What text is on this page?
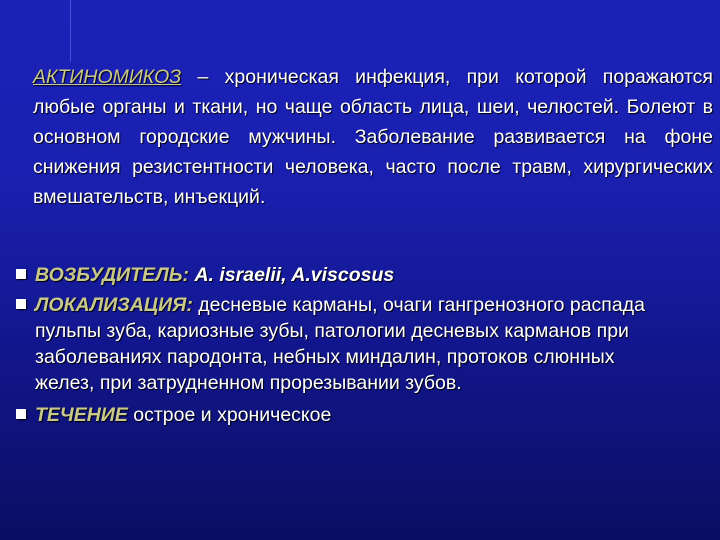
АКТИНОМИКОЗ – хроническая инфекция, при которой поражаются любые органы и ткани, но чаще область лица, шеи, челюстей. Болеют в основном городские мужчины. Заболевание развивается на фоне снижения резистентности человека, часто после травм, хирургических вмешательств, инъекций.
ВОЗБУДИТЕЛЬ: A. israelii, A.viscosus
ЛОКАЛИЗАЦИЯ: десневые карманы, очаги гангренозного распада пульпы зуба, кариозные зубы, патологии десневых карманов при заболеваниях пародонта, небных миндалин, протоков слюнных желез, при затрудненном прорезывании зубов.
ТЕЧЕНИЕ острое и хроническое
